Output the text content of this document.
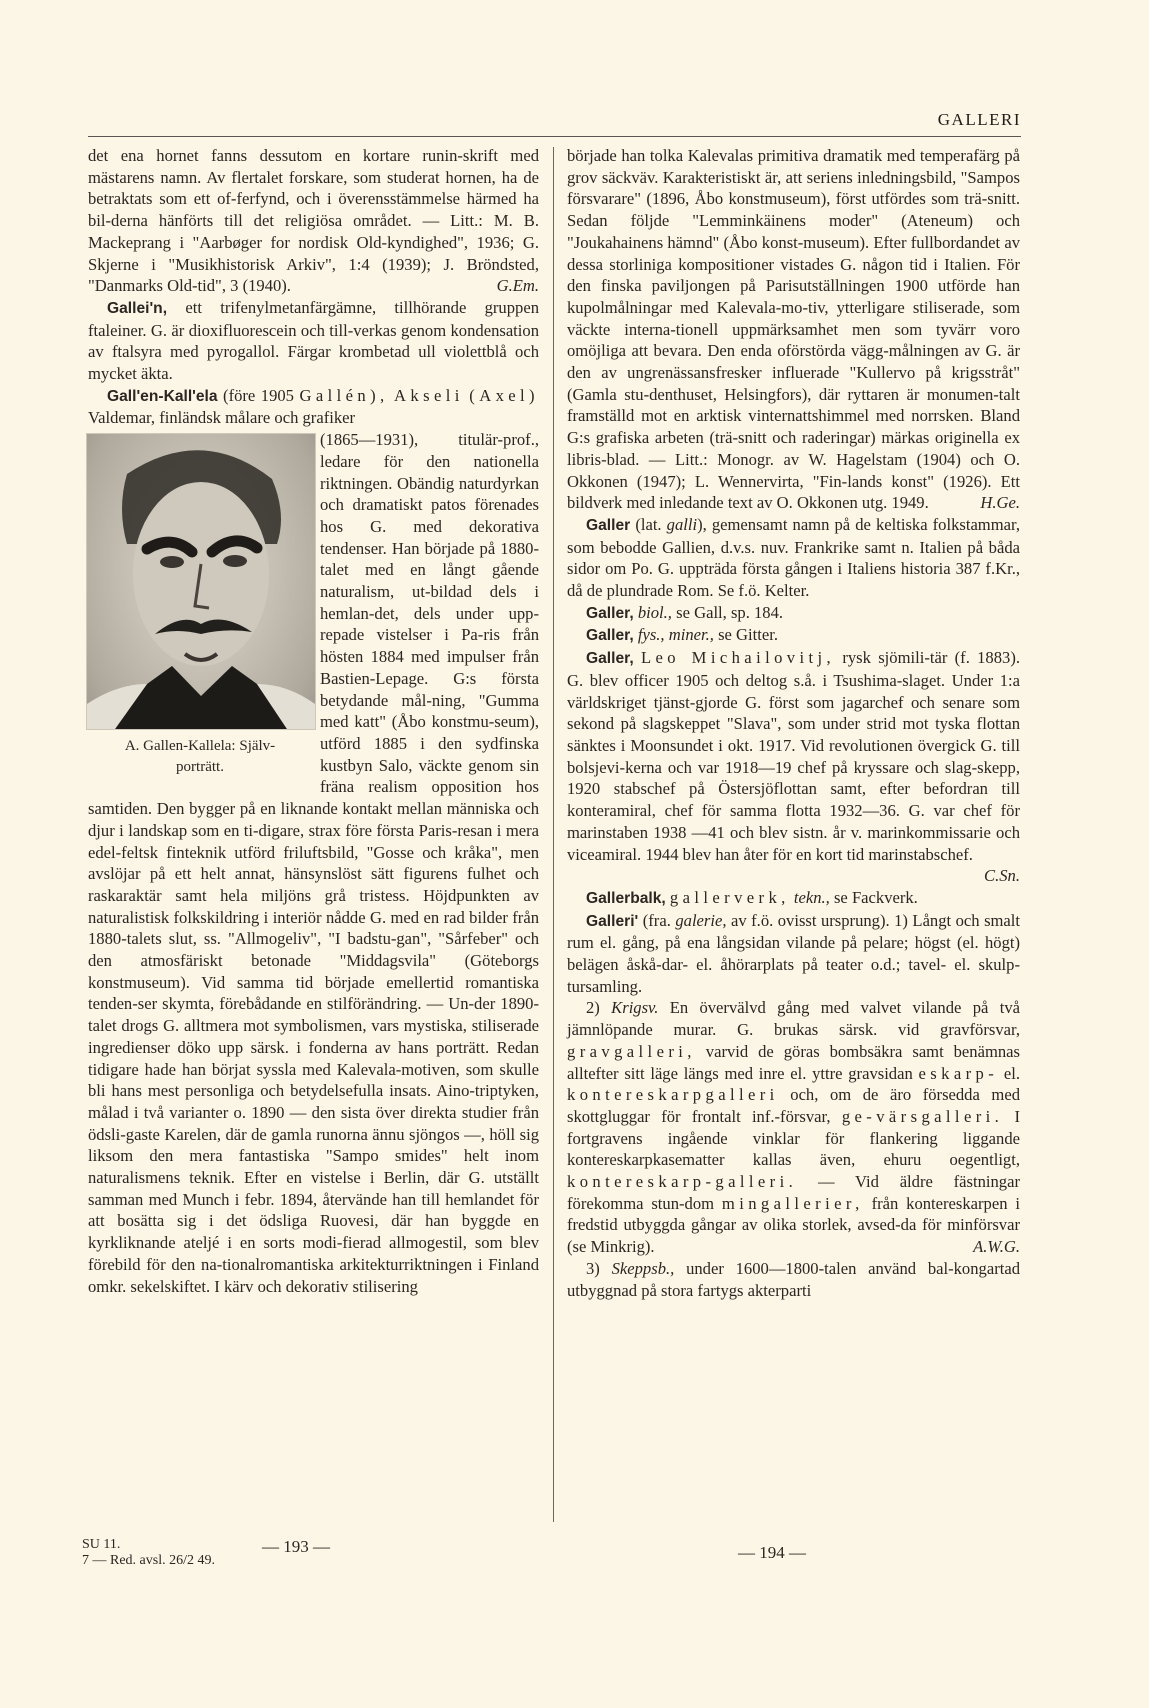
GALLERI

det ena hornet fanns dessutom en kortare runin-skrift med mästarens namn. Av flertalet forskare, som studerat hornen, ha de betraktats som ett of-ferfynd, och i överensstämmelse härmed ha bil-derna hänförts till det religiösa området. — Litt.: M. B. Mackeprang i "Aarbøger for nordisk Old-kyndighed", 1936; G. Skjerne i "Musikhistorisk Arkiv", 1:4 (1939); J. Bröndsted, "Danmarks Old-tid", 3 (1940).	G.Em.

Gallei'n, ett trifenylmetanfärgämne, tillhörande gruppen ftaleiner. G. är dioxifluorescein och till-verkas genom kondensation av ftalsyra med pyrogallol. Färgar krombetad ull violettblå och mycket äkta.

Gall'en-Kall'ela (före 1905 Gallén), Akseli (Axel) Valdemar, finländsk målare och grafiker

A. Gallen-Kallela: Själv-
porträtt.

(1865—1931), titulär-prof., ledare för den nationella riktningen. Obändig naturdyrkan och dramatiskt patos förenades hos G. med dekorativa tendenser. Han började på 1880-talet med en långt gående naturalism, ut-bildad dels i hemlan-det, dels under upp-repade vistelser i Pa-ris från hösten 1884 med impulser från Bastien-Lepage. G:s första betydande mål-ning, "Gumma med katt" (Åbo konstmu-seum), utförd 1885 i den sydfinska kustbyn Salo, väckte genom sin fräna realism opposition hos samtiden. Den bygger på en liknande kontakt mellan människa och djur i landskap som en ti-digare, strax före första Paris-resan i mera edel-feltsk finteknik utförd friluftsbild, "Gosse och kråka", men avslöjar på ett helt annat, hänsynslöst sätt figurens fulhet och raskaraktär samt hela miljöns grå tristess. Höjdpunkten av naturalistisk folkskildring i interiör nådde G. med en rad bilder från 1880-talets slut, ss. "Allmogeliv", "I badstu-gan", "Sårfeber" och den atmosfäriskt betonade "Middagsvila" (Göteborgs konstmuseum). Vid samma tid började emellertid romantiska tenden-ser skymta, förebådande en stilförändring. — Un-der 1890-talet drogs G. alltmera mot symbolismen, vars mystiska, stiliserade ingredienser döko upp särsk. i fonderna av hans porträtt. Redan tidigare hade han börjat syssla med Kalevala-motiven, som skulle bli hans mest personliga och betydelsefulla insats. Aino-triptyken, målad i två varianter o. 1890 — den sista över direkta studier från ödsli-gaste Karelen, där de gamla runorna ännu sjöngos —, höll sig liksom den mera fantastiska "Sampo smides" helt inom naturalismens teknik. Efter en vistelse i Berlin, där G. utställt samman med Munch i febr. 1894, återvände han till hemlandet för att bosätta sig i det ödsliga Ruovesi, där han byggde en kyrkliknande ateljé i en sorts modi-fierad allmogestil, som blev förebild för den na-tionalromantiska arkitekturriktningen i Finland omkr. sekelskiftet. I kärv och dekorativ stilisering

började han tolka Kalevalas primitiva dramatik med temperafärg på grov säckväv. Karakteristiskt är, att seriens inledningsbild, "Sampos försvarare" (1896, Åbo konstmuseum), först utfördes som trä-snitt. Sedan följde "Lemminkäinens moder" (Ateneum) och "Joukahainens hämnd" (Åbo konst-museum). Efter fullbordandet av dessa storliniga kompositioner vistades G. någon tid i Italien. För den finska paviljongen på Parisutställningen 1900 utförde han kupolmålningar med Kalevala-mo-tiv, ytterligare stiliserade, som väckte interna-tionell uppmärksamhet men som tyvärr voro omöjliga att bevara. Den enda oförstörda vägg-målningen av G. är den av ungrenässansfresker influerade "Kullervo på krigsstråt" (Gamla stu-denthuset, Helsingfors), där ryttaren är monumen-talt framställd mot en arktisk vinternattshimmel med norrsken. Bland G:s grafiska arbeten (trä-snitt och raderingar) märkas originella ex libris-blad. — Litt.: Monogr. av W. Hagelstam (1904) och O. Okkonen (1947); L. Wennervirta, "Fin-lands konst" (1926). Ett bildverk med inledande text av O. Okkonen utg. 1949.	H.Ge.

Galler (lat. galli), gemensamt namn på de keltiska folkstammar, som bebodde Gallien, d.v.s. nuv. Frankrike samt n. Italien på båda sidor om Po. G. uppträda första gången i Italiens historia 387 f.Kr., då de plundrade Rom. Se f.ö. Kelter.

Galler, biol., se Gall, sp. 184.

Galler, fys., miner., se Gitter.

Galler, Leo Michailovitj, rysk sjömili-tär (f. 1883). G. blev officer 1905 och deltog s.å. i Tsushima-slaget. Under 1:a världskriget tjänst-gjorde G. först som jagarchef och senare som sekond på slagskeppet "Slava", som under strid mot tyska flottan sänktes i Moonsundet i okt. 1917. Vid revolutionen övergick G. till bolsjevi-kerna och var 1918—19 chef på kryssare och slag-skepp, 1920 stabschef på Östersjöflottan samt, efter befordran till konteramiral, chef för samma flotta 1932—36. G. var chef för marinstaben 1938 —41 och blev sistn. år v. marinkommissarie och viceamiral. 1944 blev han åter för en kort tid marinstabschef.
C.Sn.

Gallerbalk, gallerverk, tekn., se Fackverk.

Galleri' (fra. galerie, av f.ö. ovisst ursprung). 1) Långt och smalt rum el. gång, på ena långsidan vilande på pelare; högst (el. högt) belägen åskå-dar- el. åhörarplats på teater o.d.; tavel- el. skulp-tursamling.

2) Krigsv. En övervälvd gång med valvet vilande på två jämnlöpande murar. G. brukas särsk. vid gravförsvar, gravgalleri, varvid de göras bombsäkra samt benämnas alltefter sitt läge längs med inre el. yttre gravsidan eskarp- el. kontereskarpgalleri och, om de äro försedda med skottgluggar för frontalt inf.-försvar, ge-värsgalleri. I fortgravens ingående vinklar för flankering liggande kontereskarpkasematter kallas även, ehuru oegentligt, kontereskarp-galleri. — Vid äldre fästningar förekomma stun-dom mingallerier, från kontereskarpen i fredstid utbyggda gångar av olika storlek, avsed-da för minförsvar (se Minkrig).	A.W.G.

3) Skeppsb., under 1600—1800-talen använd bal-kongartad utbyggnad på stora fartygs akterparti

SU 11.
7 — Red. avsl. 26/2 49.
— 193 —	— 194 —
